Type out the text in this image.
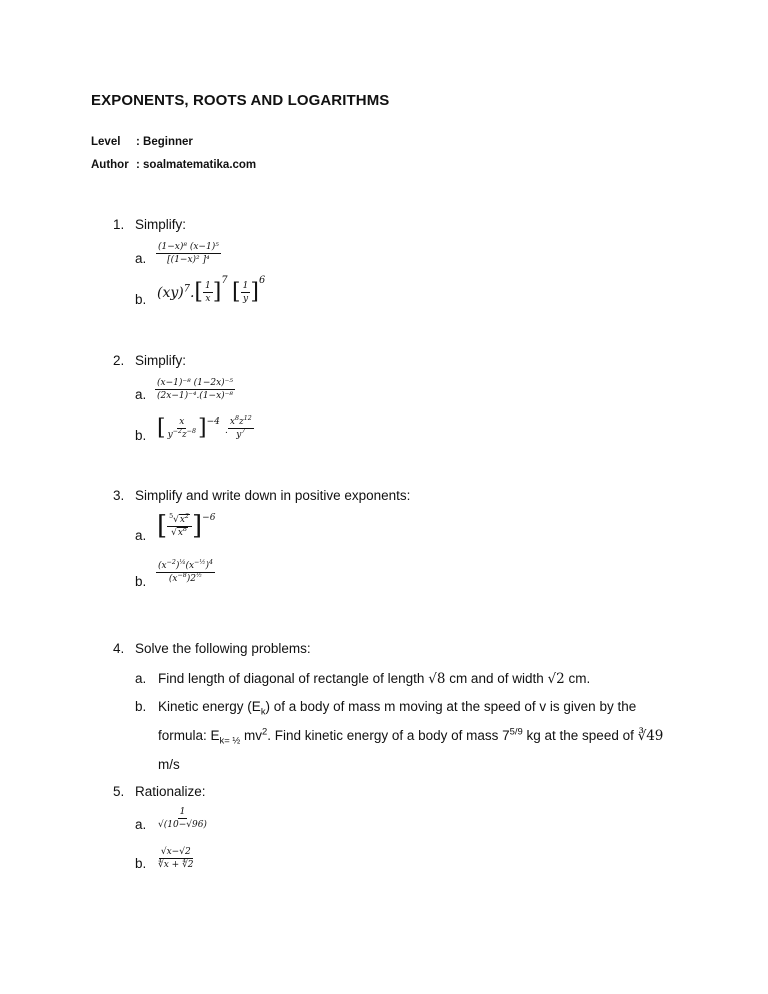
EXPONENTS, ROOTS AND LOGARITHMS
Level : Beginner
Author : soalmatematika.com
1. Simplify:
a. $\frac{\text{(1−x)⁸ (x−1)⁵}}{\text{[(1−x)² ]⁴}}$
b. $(xy)^7.[ \frac{1}{x} ]^7$ [ $\frac{1}{y} ]^6$
2. Simplify:
a. $\frac{\text{(x−1)⁻⁸ (1−2x)⁻⁵}}{\text{(2x−1)⁻⁴.(1−x)⁻⁸}}$
b. [ $\frac{x}{y^{-2}z^{-8}} ]^{-4}$ . $\frac{x^8z^{12}}{y^7}$
3. Simplify and write down in positive exponents:
a. [ $\frac{^5√x^2}{√x^8} ]^{-6}$
b. $\frac{(x^{-2})^{\frac{1}{4}}(x^{-\frac{1}{2}})^4}{(x^{-8})2^{\frac{1}{2}}}$
4. Solve the following problems:
a. Find length of diagonal of rectangle of length √8 cm and of width √2 cm.
b. Kinetic energy $(E_k)$ of a body of mass m moving at the speed of v is given by the
formula: $E_{k= \frac{1}{2}}$ $mv^2$. Find kinetic energy of a body of mass $7^{5/9}$ kg at the speed of ∛49
m/s
5. Rationalize:
a. $\frac{1}{√(10-√96)}$
b. $\frac{√x-√2}{∜x + ∜2}$
